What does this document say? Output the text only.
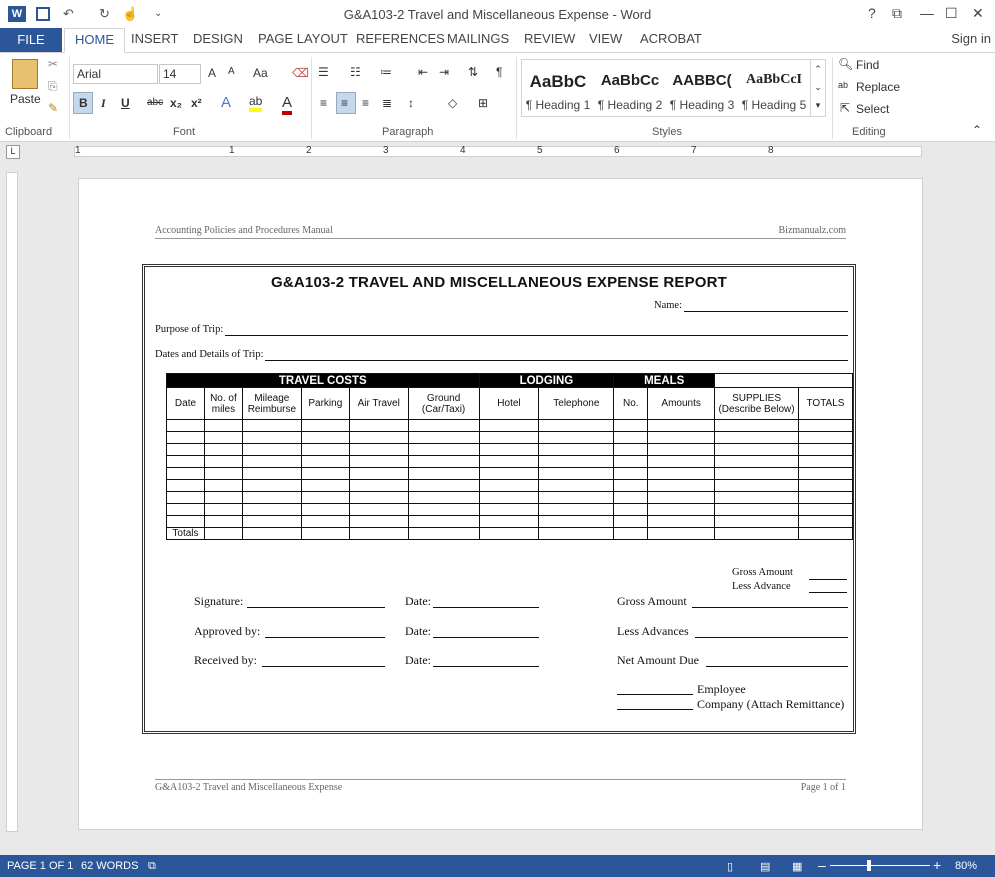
W	↶ ↻ ☝ ⌄	G&A103-2 Travel and Miscellaneous Expense - Word	? ⧉ — ☐ ✕
FILE	HOME	INSERT DESIGN PAGE LAYOUT REFERENCES MAILINGS REVIEW VIEW ACROBAT	Sign in
Paste
✂
⎘
✎
Clipboard
Arial	14	A A Aa ⌫
B I U abc x₂ x² A ab A
Font
☰ ☷ ≔ ⇤ ⇥ ⇅ ¶
≡ ≡ ≡ ≣ ↕	◇ ⊞
Paragraph
AaBbC
¶ Heading 1
AaBbCc
¶ Heading 2
AABBC(
¶ Heading 3
AaBbCcI
¶ Heading 5
⌃
⌄
▾
Styles
🔍︎ Find
ab Replace
⇱ Select
Editing	⌃
L	1	1	2	3	4	5	6	7	8
Accounting Policies and Procedures Manual	Bizmanualz.com
G&A103-2 TRAVEL AND MISCELLANEOUS EXPENSE REPORT
Name:
Purpose of Trip:
Dates and Details of Trip:
TRAVEL COSTS						LODGING		MEALS			
Date	No. of miles	Mileage Reimburse	Parking	Air Travel	Ground (Car/Taxi)	Hotel	Telephone	No.	Amounts	SUPPLIES (Describe Below)	TOTALS

Totals											
Gross Amount
Less Advance
Signature:	Date:	Gross Amount
Approved by:	Date:	Less Advances
Received by:	Date:	Net Amount Due
Employee
Company (Attach Remittance)
G&A103-2 Travel and Miscellaneous Expense	Page 1 of 1
PAGE 1 OF 1 62 WORDS ⧉	▯ ▤ ▦ –	+ 80%
